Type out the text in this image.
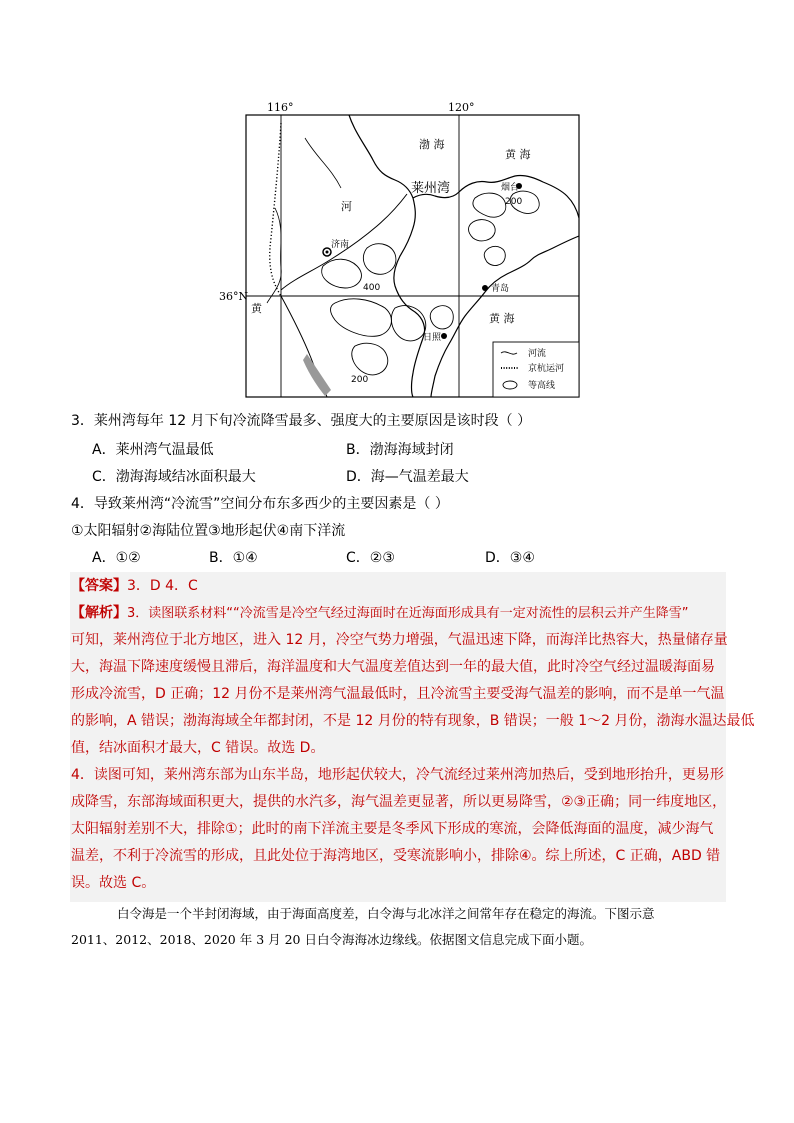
116°	120°
36°N
渤 海
黄 海
莱州湾
河
黄
黄 海
烟台
200
济南
400	青岛
日照
200
河流
京杭运河
等高线
3．莱州湾每年 12 月下旬冷流降雪最多、强度大的主要原因是该时段（ ）
A．莱州湾气温最低	B．渤海海域封闭
C．渤海海域结冰面积最大	D．海—气温差最大
4．导致莱州湾“冷流雪”空间分布东多西少的主要因素是（ ）
①太阳辐射②海陆位置③地形起伏④南下洋流
A．①②	B．①④	C．②③	D．③④
【答案】3．D 4．C
【解析】3．读图联系材料““冷流雪是冷空气经过海面时在近海面形成具有一定对流性的层积云并产生降雪”
可知，莱州湾位于北方地区，进入 12 月，冷空气势力增强，气温迅速下降，而海洋比热容大，热量储存量
大，海温下降速度缓慢且滞后，海洋温度和大气温度差值达到一年的最大值，此时冷空气经过温暖海面易
形成冷流雪，D 正确；12 月份不是莱州湾气温最低时，且冷流雪主要受海气温差的影响，而不是单一气温
的影响，A 错误；渤海海域全年都封闭，不是 12 月份的特有现象，B 错误；一般 1～2 月份，渤海水温达最低
值，结冰面积才最大，C 错误。故选 D。
4．读图可知，莱州湾东部为山东半岛，地形起伏较大，冷气流经过莱州湾加热后，受到地形抬升，更易形
成降雪，东部海域面积更大，提供的水汽多，海气温差更显著，所以更易降雪，②③正确；同一纬度地区，
太阳辐射差别不大，排除①；此时的南下洋流主要是冬季风下形成的寒流，会降低海面的温度，减少海气
温差，不利于冷流雪的形成，且此处位于海湾地区，受寒流影响小，排除④。综上所述，C 正确，ABD 错
误。故选 C。
白令海是一个半封闭海域，由于海面高度差，白令海与北冰洋之间常年存在稳定的海流。下图示意
2011、2012、2018、2020 年 3 月 20 日白令海海冰边缘线。依据图文信息完成下面小题。
